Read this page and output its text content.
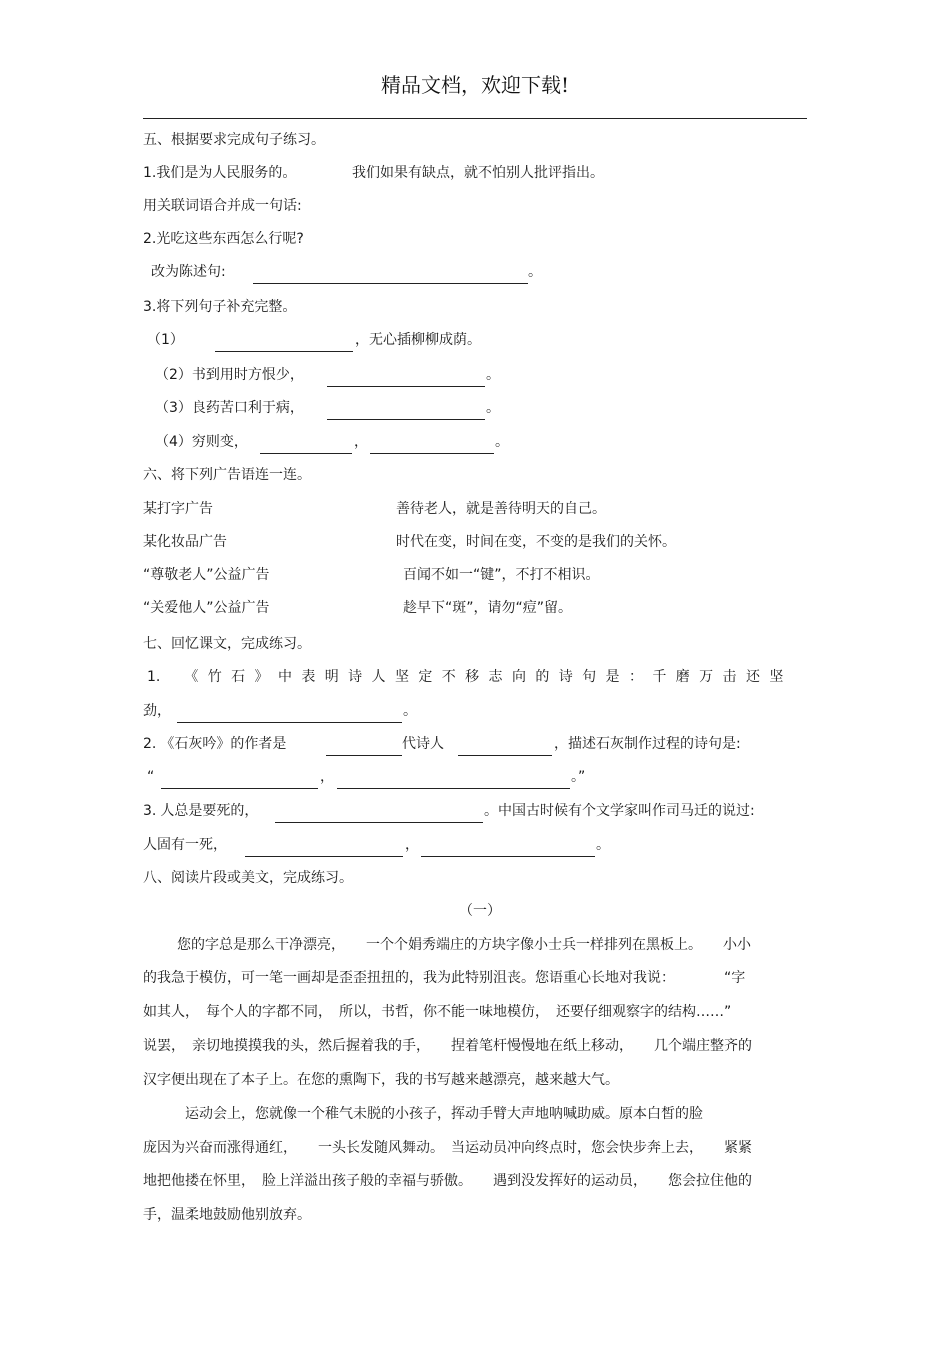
精品文档，欢迎下载!
五、根据要求完成句子练习。
1.我们是为人民服务的。	我们如果有缺点，就不怕别人批评指出。
用关联词语合并成一句话:
2.光吃这些东西怎么行呢?
改为陈述句:	。
3.将下列句子补充完整。
（1）	，无心插柳柳成荫。
（2）书到用时方恨少，	。
（3）良药苦口利于病，	。
（4）穷则变，	，	。
六、将下列广告语连一连。
某打字广告	善待老人，就是善待明天的自己。
某化妆品广告	时代在变，时间在变，不变的是我们的关怀。
“尊敬老人”公益广告	百闻不如一“键”，不打不相识。
“关爱他人”公益广告	趁早下“斑”，请勿“痘”留。
七、回忆课文，完成练习。
1. 《竹石》中表明诗人坚定不移志向的诗句是：千磨万击还坚
劲，	。
2. 《石灰吟》的作者是	代诗人	，描述石灰制作过程的诗句是:
“	，	。”
3. 人总是要死的，	。中国古时候有个文学家叫作司马迁的说过:
人固有一死，	，	。
八、阅读片段或美文，完成练习。
（一）
您的字总是那么干净漂亮，　　一个个娟秀端庄的方块字像小士兵一样排列在黑板上。　　小小
的我急于模仿，可一笔一画却是歪歪扭扭的，我为此特别沮丧。您语重心长地对我说：　　　　“字
如其人，　每个人的字都不同，　所以，书哲，你不能一味地模仿，　还要仔细观察字的结构……”
说罢，　亲切地摸摸我的头，然后握着我的手，　　捏着笔杆慢慢地在纸上移动，　　几个端庄整齐的
汉字便出现在了本子上。在您的熏陶下，我的书写越来越漂亮，越来越大气。
运动会上，您就像一个稚气未脱的小孩子，挥动手臂大声地呐喊助威。原本白皙的脸
庞因为兴奋而涨得通红，　　一头长发随风舞动。　当运动员冲向终点时，您会快步奔上去，　　紧紧
地把他搂在怀里，　脸上洋溢出孩子般的幸福与骄傲。　　遇到没发挥好的运动员，　　您会拉住他的
手，温柔地鼓励他别放弃。
